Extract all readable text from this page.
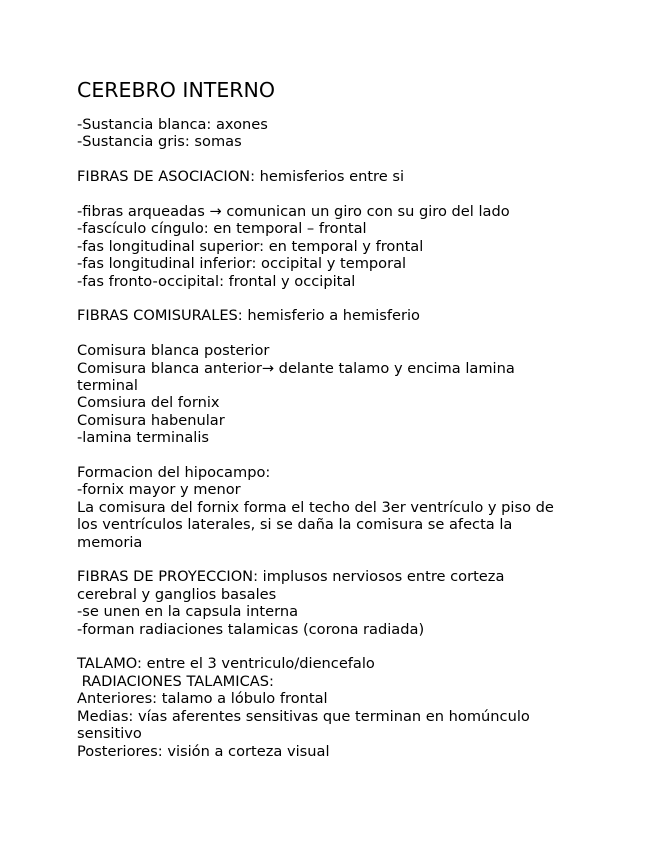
CEREBRO INTERNO
-Sustancia blanca: axones
-Sustancia gris: somas
FIBRAS DE ASOCIACION: hemisferios entre si
-fibras arqueadas → comunican un giro con su giro del lado
-fascículo cíngulo: en temporal – frontal
-fas longitudinal superior: en temporal y frontal
-fas longitudinal inferior: occipital y temporal
-fas fronto-occipital: frontal y occipital
FIBRAS COMISURALES: hemisferio a hemisferio
Comisura blanca posterior
Comisura blanca anterior→ delante talamo y encima lamina
terminal
Comsiura del fornix
Comisura habenular
-lamina terminalis
Formacion del hipocampo:
-fornix mayor y menor
La comisura del fornix forma el techo del 3er ventrículo y piso de
los ventrículos laterales, si se daña la comisura se afecta la
memoria
FIBRAS DE PROYECCION: implusos nerviosos entre corteza
cerebral y ganglios basales
-se unen en la capsula interna
-forman radiaciones talamicas (corona radiada)
TALAMO: entre el 3 ventriculo/diencefalo
RADIACIONES TALAMICAS:
Anteriores: talamo a lóbulo frontal
Medias: vías aferentes sensitivas que terminan en homúnculo
sensitivo
Posteriores: visión a corteza visual
